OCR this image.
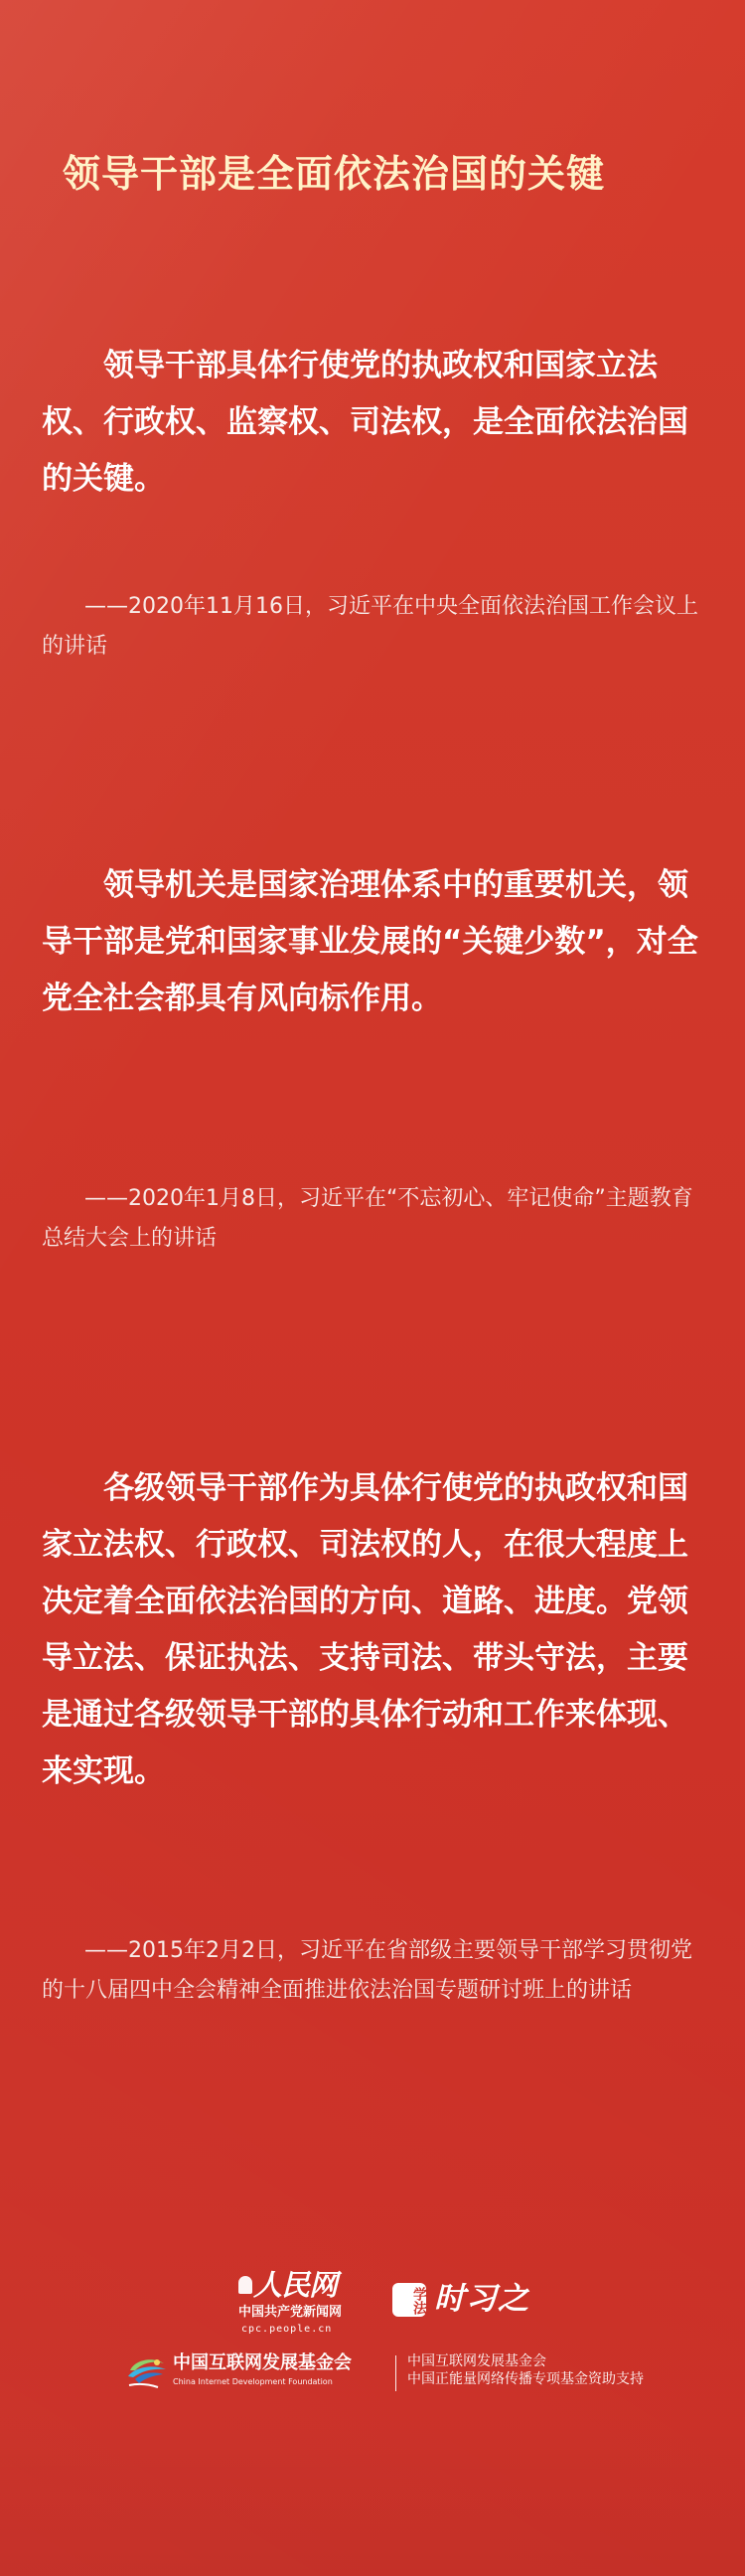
领导干部是全面依法治国的关键
领导干部具体行使党的执政权和国家立法权、行政权、监察权、司法权，是全面依法治国的关键。
——2020年11月16日，习近平在中央全面依法治国工作会议上的讲话
领导机关是国家治理体系中的重要机关，领导干部是党和国家事业发展的“关键少数”，对全党全社会都具有风向标作用。
——2020年1月8日，习近平在“不忘初心、牢记使命”主题教育总结大会上的讲话
各级领导干部作为具体行使党的执政权和国家立法权、行政权、司法权的人，在很大程度上决定着全面依法治国的方向、道路、进度。党领导立法、保证执法、支持司法、带头守法，主要是通过各级领导干部的具体行动和工作来体现、来实现。
——2015年2月2日，习近平在省部级主要领导干部学习贯彻党的十八届四中全会精神全面推进依法治国专题研讨班上的讲话
人民网
中国共产党新闻网
cpc.people.cn
学法 时习之
中国互联网发展基金会
China Internet Development Foundation
中国互联网发展基金会
中国正能量网络传播专项基金资助支持
